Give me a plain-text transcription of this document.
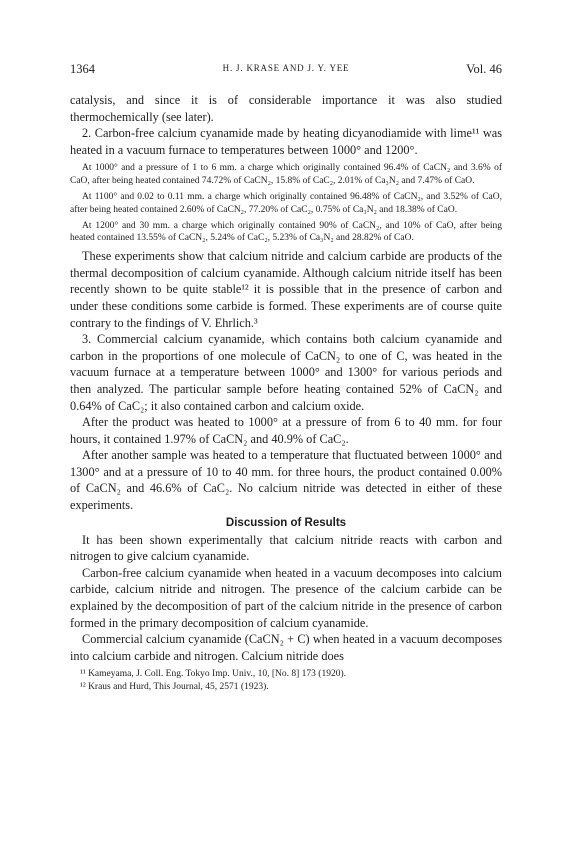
1364	H. J. KRASE AND J. Y. YEE	Vol. 46

catalysis, and since it is of considerable importance it was also studied thermochemically (see later).

2. Carbon-free calcium cyanamide made by heating dicyanodiamide with lime¹¹ was heated in a vacuum furnace to temperatures between 1000° and 1200°.

At 1000° and a pressure of 1 to 6 mm. a charge which originally contained 96.4% of CaCN₂ and 3.6% of CaO, after being heated contained 74.72% of CaCN₂, 15.8% of CaC₂, 2.01% of Ca₃N₂ and 7.47% of CaO.

At 1100° and 0.02 to 0.11 mm. a charge which originally contained 96.48% of CaCN₂, and 3.52% of CaO, after being heated contained 2.60% of CaCN₂, 77.20% of CaC₂, 0.75% of Ca₃N₂ and 18.38% of CaO.

At 1200° and 30 mm. a charge which originally contained 90% of CaCN₂, and 10% of CaO, after being heated contained 13.55% of CaCN₂, 5.24% of CaC₂, 5.23% of Ca₃N₂ and 28.82% of CaO.

These experiments show that calcium nitride and calcium carbide are products of the thermal decomposition of calcium cyanamide. Although calcium nitride itself has been recently shown to be quite stable¹² it is possible that in the presence of carbon and under these conditions some carbide is formed. These experiments are of course quite contrary to the findings of V. Ehrlich.³

3. Commercial calcium cyanamide, which contains both calcium cyanamide and carbon in the proportions of one molecule of CaCN₂ to one of C, was heated in the vacuum furnace at a temperature between 1000° and 1300° for various periods and then analyzed. The particular sample before heating contained 52% of CaCN₂ and 0.64% of CaC₂; it also contained carbon and calcium oxide.

After the product was heated to 1000° at a pressure of from 6 to 40 mm. for four hours, it contained 1.97% of CaCN₂ and 40.9% of CaC₂.

After another sample was heated to a temperature that fluctuated between 1000° and 1300° and at a pressure of 10 to 40 mm. for three hours, the product contained 0.00% of CaCN₂ and 46.6% of CaC₂. No calcium nitride was detected in either of these experiments.

Discussion of Results

It has been shown experimentally that calcium nitride reacts with carbon and nitrogen to give calcium cyanamide.

Carbon-free calcium cyanamide when heated in a vacuum decomposes into calcium carbide, calcium nitride and nitrogen. The presence of the calcium carbide can be explained by the decomposition of part of the calcium nitride in the presence of carbon formed in the primary decomposition of calcium cyanamide.

Commercial calcium cyanamide (CaCN₂ + C) when heated in a vacuum decomposes into calcium carbide and nitrogen. Calcium nitride does

¹¹ Kameyama, J. Coll. Eng. Tokyo Imp. Univ., 10, [No. 8] 173 (1920).
¹² Kraus and Hurd, This Journal, 45, 2571 (1923).
